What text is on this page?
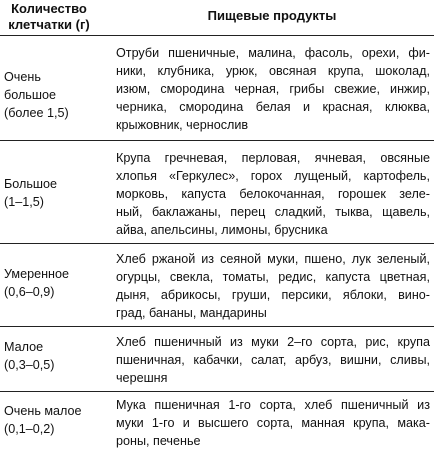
Количество
клетчатки (г)
Пищевые продукты
Очень
большое
(более 1,5)
Отруби пшеничные, малина, фасоль, орехи, фи-
ники, клубника, урюк, овсяная крупа, шоколад,
изюм, смородина черная, грибы свежие, инжир,
черника, смородина белая и красная, клюква,
крыжовник, чернослив
Большое
(1–1,5)
Крупа гречневая, перловая, ячневая, овсяные
хлопья «Геркулес», горох лущеный, картофель,
морковь, капуста белокочанная, горошек зеле-
ный, баклажаны, перец сладкий, тыква, щавель,
айва, апельсины, лимоны, брусника
Умеренное
(0,6–0,9)
Хлеб ржаной из сеяной муки, пшено, лук зеленый,
огурцы, свекла, томаты, редис, капуста цветная,
дыня, абрикосы, груши, персики, яблоки, вино-
град, бананы, мандарины
Малое
(0,3–0,5)
Хлеб пшеничный из муки 2–го сорта, рис, крупа
пшеничная, кабачки, салат, арбуз, вишни, сливы,
черешня
Очень малое
(0,1–0,2)
Мука пшеничная 1-го сорта, хлеб пшеничный из
муки 1-го и высшего сорта, манная крупа, мака-
роны, печенье
